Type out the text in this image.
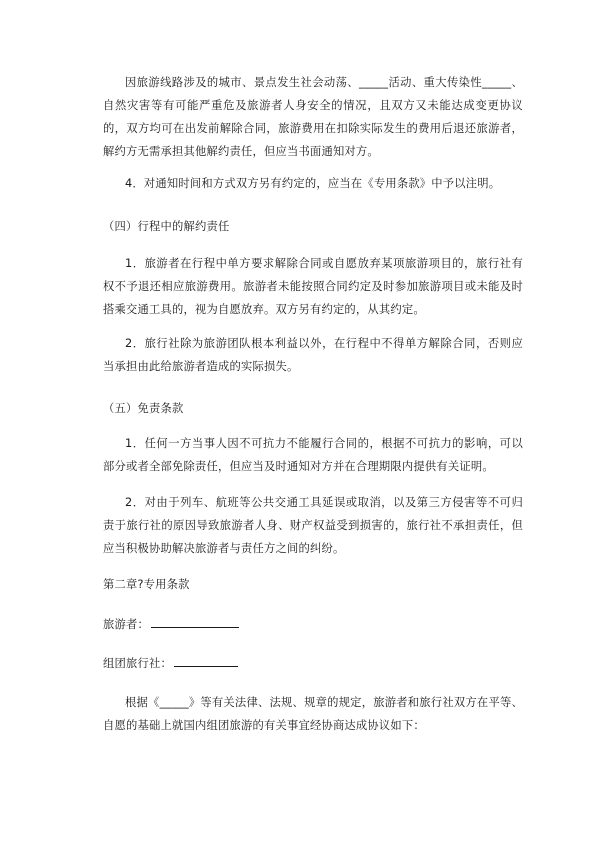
因旅游线路涉及的城市、景点发生社会动荡、_____活动、重大传染性_____、自然灾害等有可能严重危及旅游者人身安全的情况，且双方又未能达成变更协议的，双方均可在出发前解除合同，旅游费用在扣除实际发生的费用后退还旅游者，解约方无需承担其他解约责任，但应当书面通知对方。

4．对通知时间和方式双方另有约定的，应当在《专用条款》中予以注明。

（四）行程中的解约责任

1．旅游者在行程中单方要求解除合同或自愿放弃某项旅游项目的，旅行社有权不予退还相应旅游费用。旅游者未能按照合同约定及时参加旅游项目或未能及时搭乘交通工具的，视为自愿放弃。双方另有约定的，从其约定。

2．旅行社除为旅游团队根本利益以外，在行程中不得单方解除合同，否则应当承担由此给旅游者造成的实际损失。

（五）免责条款

1．任何一方当事人因不可抗力不能履行合同的，根据不可抗力的影响，可以部分或者全部免除责任，但应当及时通知对方并在合理期限内提供有关证明。

2．对由于列车、航班等公共交通工具延误或取消，以及第三方侵害等不可归责于旅行社的原因导致旅游者人身、财产权益受到损害的，旅行社不承担责任，但应当积极协助解决旅游者与责任方之间的纠纷。

第二章?专用条款

旅游者：

组团旅行社：

根据《_____》等有关法律、法规、规章的规定，旅游者和旅行社双方在平等、自愿的基础上就国内组团旅游的有关事宜经协商达成协议如下：
